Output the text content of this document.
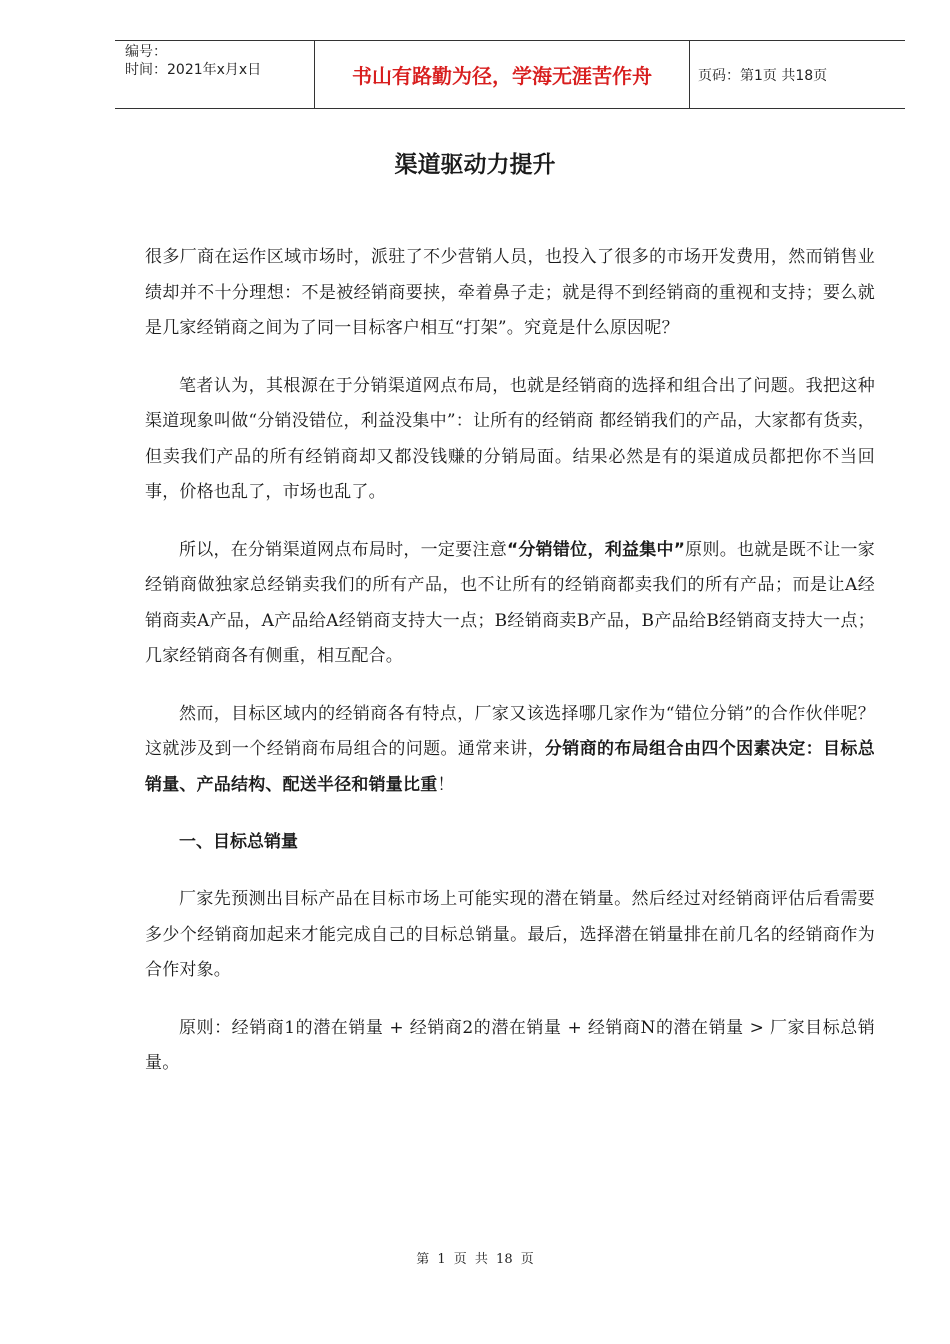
编号：
时间：2021年x月x日	书山有路勤为径，学海无涯苦作舟	页码：第1页 共18页
渠道驱动力提升

很多厂商在运作区域市场时，派驻了不少营销人员，也投入了很多的市场开发费用，然而销售业绩却并不十分理想：不是被经销商要挟，牵着鼻子走；就是得不到经销商的重视和支持；要么就是几家经销商之间为了同一目标客户相互“打架”。究竟是什么原因呢？

笔者认为，其根源在于分销渠道网点布局，也就是经销商的选择和组合出了问题。我把这种渠道现象叫做“分销没错位，利益没集中”：让所有的经销商 都经销我们的产品，大家都有货卖，但卖我们产品的所有经销商却又都没钱赚的分销局面。结果必然是有的渠道成员都把你不当回事，价格也乱了，市场也乱了。

所以，在分销渠道网点布局时，一定要注意“分销错位，利益集中”原则。也就是既不让一家经销商做独家总经销卖我们的所有产品，也不让所有的经销商都卖我们的所有产品；而是让A经销商卖A产品，A产品给A经销商支持大一点；B经销商卖B产品，B产品给B经销商支持大一点；几家经销商各有侧重，相互配合。

然而，目标区域内的经销商各有特点，厂家又该选择哪几家作为“错位分销”的合作伙伴呢？这就涉及到一个经销商布局组合的问题。通常来讲，分销商的布局组合由四个因素决定：目标总销量、产品结构、配送半径和销量比重！

一、目标总销量

厂家先预测出目标产品在目标市场上可能实现的潜在销量。然后经过对经销商评估后看需要多少个经销商加起来才能完成自己的目标总销量。最后，选择潜在销量排在前几名的经销商作为合作对象。

原则：经销商1的潜在销量 + 经销商2的潜在销量 + 经销商N的潜在销量 > 厂家目标总销量。

第 1 页 共 18 页
